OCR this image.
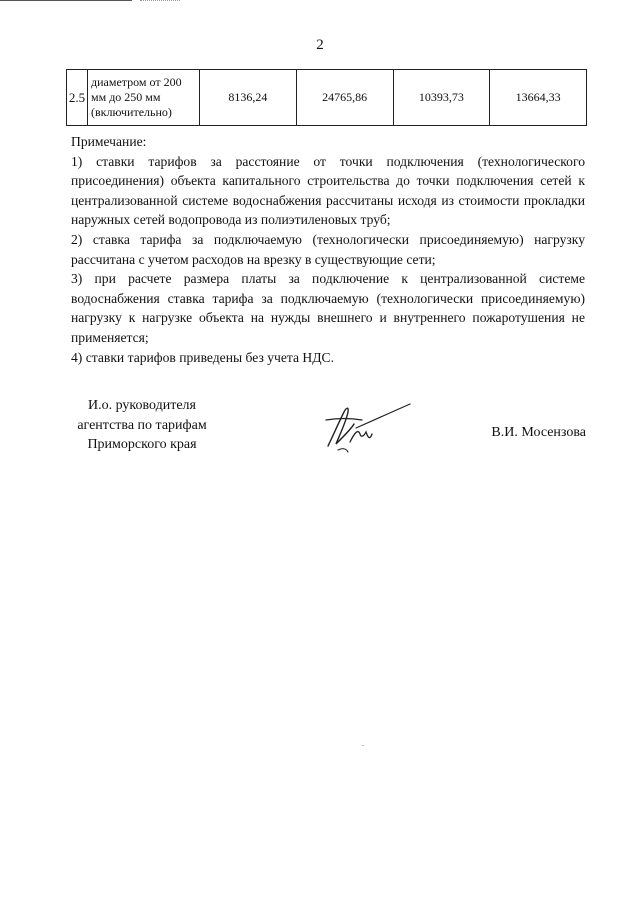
2
2.5	диаметром от 200 мм до 250 мм (включительно)	8136,24	24765,86	10393,73	13664,33

Примечание:

1) ставки тарифов за расстояние от точки подключения (технологического присоединения) объекта капитального строительства до точки подключения сетей к централизованной системе водоснабжения рассчитаны исходя из стоимости прокладки наружных сетей водопровода из полиэтиленовых труб;

2) ставка тарифа за подключаемую (технологически присоединяемую) нагрузку рассчитана с учетом расходов на врезку в существующие сети;

3) при расчете размера платы за подключение к централизованной системе водоснабжения ставка тарифа за подключаемую (технологически присоединяемую) нагрузку к нагрузке объекта на нужды внешнего и внутреннего пожаротушения не применяется;

4) ставки тарифов приведены без учета НДС.

И.о. руководителя
агентства по тарифам
Приморского края
В.И. Мосензова
